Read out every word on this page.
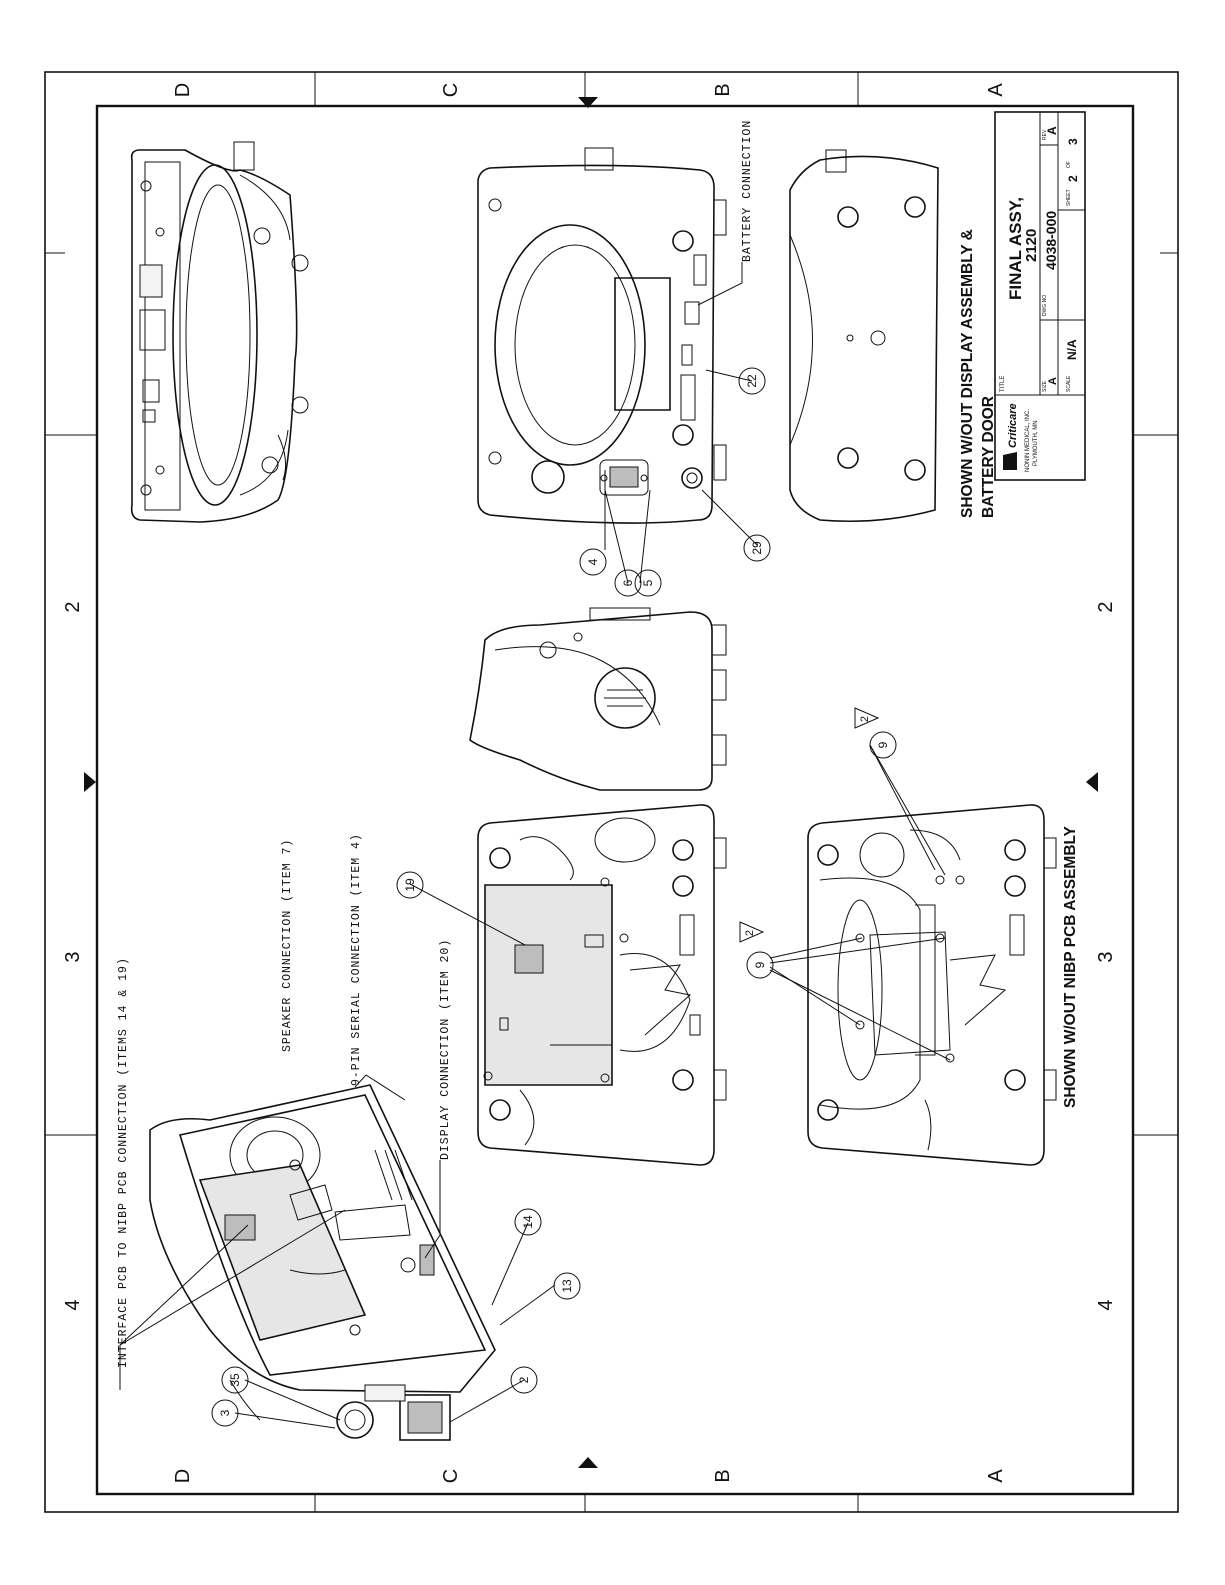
D	C	B	A
D	C	B	A
2
3
4
2
3
4
INTERFACE PCB TO NIBP PCB CONNECTION (ITEMS 14 & 19)
SPEAKER CONNECTION (ITEM 7)	9-PIN SERIAL CONNECTION (ITEM 4)	DISPLAY CONNECTION (ITEM 20)
BATTERY CONNECTION
35
3
2
13
14
19
9
9
22
29
4
6 5
2
2
SHOWN W/OUT DISPLAY ASSEMBLY & BATTERY DOOR
SHOWN W/OUT NIBP PCB ASSEMBLY
Criticare NONIN MEDICAL, INC. PLYMOUTH, MN
TITLE
FINAL ASSY,
2120
SIZE A
DWG NO
4038-000
REV
A
SCALE
N/A
SHEET
2
OF
3
